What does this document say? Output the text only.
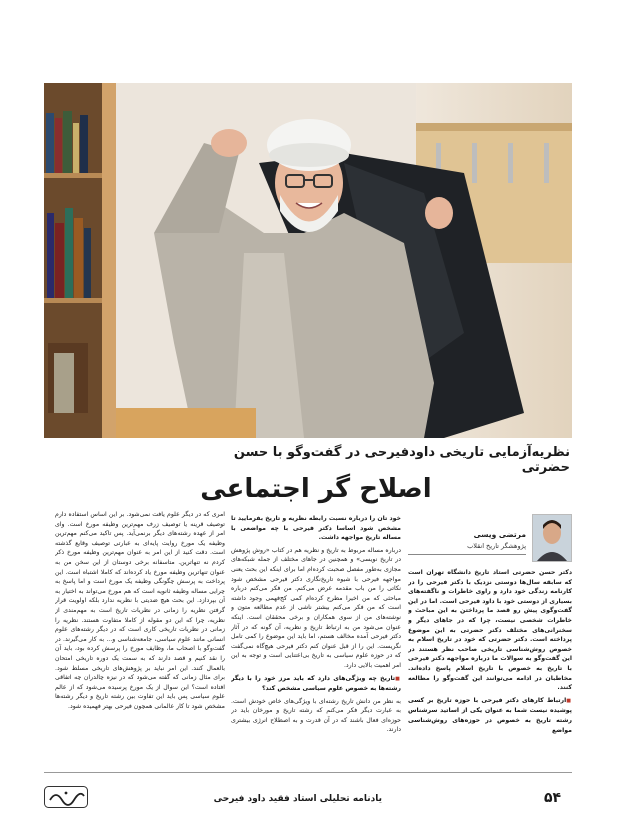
نظریه‌آزمایی تاریخی داودفیرحی در گفت‌وگو با حسن حضرتی

اصلاح گر اجتماعی

مرتضی ویسی

پژوهشگر تاریخ انقلاب

دکتر حسن حضرتی استاد تاریخ دانشگاه تهران است که سابقه سال‌ها دوستی نزدیک با دکتر فیرحی را در کارنامه زندگی خود دارد و راوی خاطرات و ناگفته‌های بسیاری از دوستی خود با داود فیرحی است. اما در این گفت‌وگوی پیش رو قصد ما پرداختن به این مباحث و خاطرات شخصی نیست، چرا که در جاهای دیگر و سخنرانی‌های مختلف دکتر حضرتی به این موضوع پرداخته است. دکتر حضرتی که خود در تاریخ اسلام به خصوص روش‌شناسی تاریخی صاحب نظر هستند در این گفت‌وگو به سوالات ما درباره مواجهه دکتر فیرحی با تاریخ به خصوص با تاریخ اسلام پاسخ داده‌اند. مخاطبان در ادامه می‌توانند این گفت‌وگو را مطالعه کنند.

■ ارتباط کارهای دکتر فیرحی با حوزه تاریخ بر کسی پوشیده نیست شما به عنوان یکی از اساتید سرشناس رشته تاریخ به خصوص در حوزه‌های روش‌شناسی مواضع

خود تان را درباره نسبت رابطه نظریه و تاریخ بفرمایید تا مشخص شود اساسا دکتر فیرحی با چه مواضعی با مساله تاریخ مواجهه داشت.

درباره مساله مربوط به تاریخ و نظریه هم در کتاب «روش پژوهش در تاریخ نویسی» و همچنین در جاهای مختلف از جمله شبکه‌های مجازی به‌طور مفصل صحبت کرده‌ام اما برای اینکه این بحث یعنی مواجهه فیرحی با شیوه تاریخ‌نگاری دکتر فیرحی مشخص شود نکاتی را من باب مقدمه عرض می‌کنم. من فکر می‌کنم درباره مباحثی که من اخیرا مطرح کرده‌ام کمی کج‌فهمی وجود داشته است که من فکر می‌کنم بیشتر ناشی از عدم مطالعه متون و نوشته‌های من از سوی همکاران و برخی محققان است. اینکه عنوان می‌شود من به ارتباط تاریخ و نظریه، آن گونه که در آثار دکتر فیرحی آمده مخالف هستم، اما باید این موضوع را کمی تامل نگریست. این را از قبل عنوان کنم دکتر فیرحی هیچ‌گاه نمی‌گفت که در حوزه علوم سیاسی به تاریخ بی‌اعتنایی است و توجه به این امر اهمیت بالایی دارد.

■ تاریخ چه ویژگی‌های دارد که باید مرز خود را با دیگر رشته‌ها به خصوص علوم سیاسی مشخص کند؟

به نظر من دانش تاریخ رشته‌ای با ویژگی‌های خاص خودش است. به عبارت دیگر فکر می‌کنم که رشته تاریخ و مورخان باید در حوزه‌ای فعال باشند که در آن قدرت و به اصطلاح انرژی بیشتری دارند.

امری که در دیگر علوم یافت نمی‌شود. بر این اساس استفاده دارم توصیف قرینه یا توصیف زرف مهم‌ترین وظیفه مورخ است. وای امر از عهده رشته‌های دیگر برنمی‌آید. پس تاکید می‌کنم مهم‌ترین وظیفه یک مورخ روایت پایه‌ای به عبارتی توصیف وقایع گذشته است. دقت کنید از این امر به عنوان مهم‌ترین وظیفه مورخ ذکر کردم نه تنها‌ترین. متاسفانه برخی دوستان از این سخن من به عنوان تنهاترین وظیفه مورخ یاد کرده‌اند که کاملا اشتباه است. این پرداخت به پرسش چگونگی وظیفه یک مورخ است و اما پاسخ به چرایی مساله وظیفه ثانویه است که هم مورخ می‌تواند به اختیار به آن بپردازد. این بحث هیچ ضدیتی با نظریه ندارد بلکه اولویت قرار گرفتن نظریه را زمانی در نظریات تاریخ است به مهم‌مندی از نظریه، چرا که این دو مقوله از کاملا متفاوت هستند. نظریه را زمانی در نظریات تاریخی کاری است که در دیگر رشته‌های علوم انسانی مانند علوم سیاسی، جامعه‌شناسی و... به کار می‌گیرند. در گفت‌وگو با اصحاب ما، وظایف مورخ را پرسش کرده بود، باید آن را نقد کنیم و قصد دارند که به سمت یک دوره تاریخی امتحان بالعمال کنند. این امر نباید بر پژوهش‌های تاریخی مسلط شود. برای مثال زمانی که گفته می‌شود که در نیزه چالدران چه اتفاقی افتاده است؟ این سوال از یک مورخ پرسیده می‌شود که از عالم علوم سیاسی پس باید این تفاوت بین رشته تاریخ و دیگر رشته‌ها مشخص شود تا کار عالمانی همچون فیرحی بهتر فهمیده شود.

۵۴

یادنامه تحلیلی استاد فقید داود فیرحی
